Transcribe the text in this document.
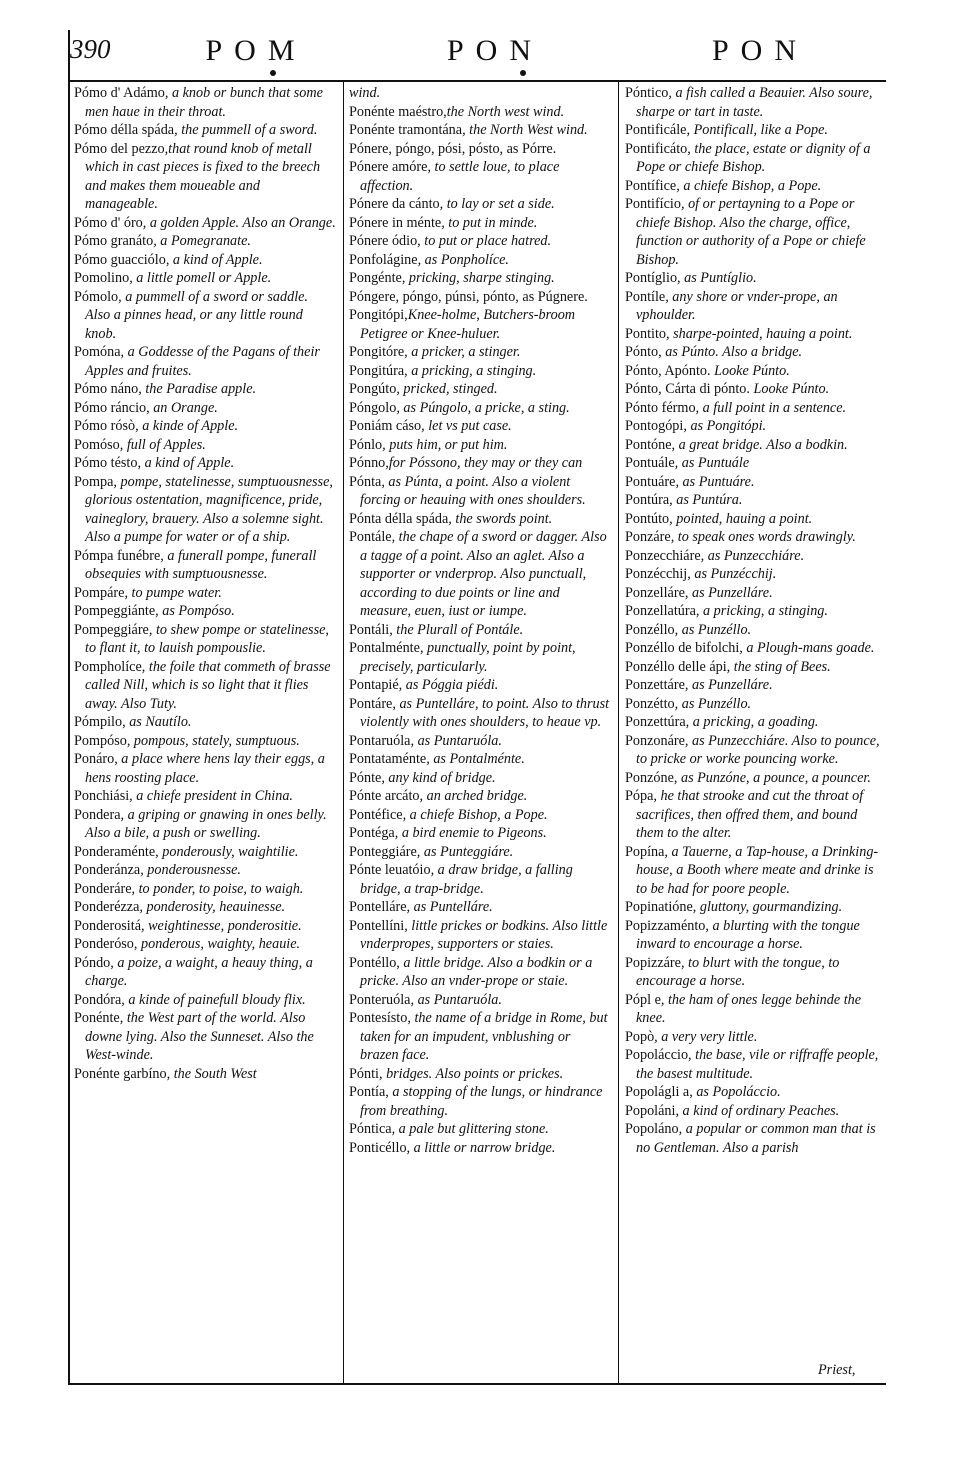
390	POM	PON	PON

Pómo d' Adámo, a knob or bunch that some men haue in their throat.

Pómo délla spáda, the pummell of a sword.

Pómo del pezzo,that round knob of metall which in cast pieces is fixed to the breech and makes them moueable and manageable.

Pómo d' óro, a golden Apple. Also an Orange.

Pómo granáto, a Pomegranate.

Pómo guacciólo, a kind of Apple.

Pomolino, a little pomell or Apple.

Pómolo, a pummell of a sword or saddle. Also a pinnes head, or any little round knob.

Pomóna, a Goddesse of the Pagans of their Apples and fruites.

Pómo náno, the Paradise apple.

Pómo ráncio, an Orange.

Pómo rósò, a kinde of Apple.

Pomóso, full of Apples.

Pómo tésto, a kind of Apple.

Pompa, pompe, statelinesse, sumptuousnesse, glorious ostentation, magnificence, pride, vaineglory, brauery. Also a solemne sight. Also a pumpe for water or of a ship.

Pómpa funébre, a funerall pompe, funerall obsequies with sumptuousnesse.

Pompáre, to pumpe water.

Pompeggiánte, as Pompóso.

Pompeggiáre, to shew pompe or statelinesse, to flant it, to lauish pompouslie.

Pompholíce, the foile that commeth of brasse called Nill, which is so light that it flies away. Also Tuty.

Pómpilo, as Nautílo.

Pompóso, pompous, stately, sumptuous.

Ponáro, a place where hens lay their eggs, a hens roosting place.

Ponchiási, a chiefe president in China.

Pondera, a griping or gnawing in ones belly. Also a bile, a push or swelling.

Ponderaménte, ponderously, waightilie.

Ponderánza, ponderousnesse.

Ponderáre, to ponder, to poise, to waigh.

Ponderézza, ponderosity, heauinesse.

Ponderositá, weightinesse, ponderositie.

Ponderóso, ponderous, waighty, heauie.

Póndo, a poize, a waight, a heauy thing, a charge.

Pondóra, a kinde of painefull bloudy flix.

Ponénte, the West part of the world. Also downe lying. Also the Sunneset. Also the West-winde.

Ponénte garbíno, the South West

wind.

Ponénte maéstro,the North west wind.

Ponénte tramontána, the North West wind.

Pónere, póngo, pósi, pósto, as Pórre.

Pónere amóre, to settle loue, to place affection.

Pónere da cánto, to lay or set a side.

Pónere in ménte, to put in minde.

Pónere ódio, to put or place hatred.

Ponfolágine, as Ponpholíce.

Pongénte, pricking, sharpe stinging.

Póngere, póngo, púnsi, pónto, as Púgnere.

Pongitópi,Knee-holme, Butchers-broom Petigree or Knee-huluer.

Pongitóre, a pricker, a stinger.

Pongitúra, a pricking, a stinging.

Pongúto, pricked, stinged.

Póngolo, as Púngolo, a pricke, a sting.

Poniám cáso, let vs put case.

Pónlo, puts him, or put him.

Pónno,for Póssono, they may or they can

Pónta, as Púnta, a point. Also a violent forcing or heauing with ones shoulders.

Pónta délla spáda, the swords point.

Pontále, the chape of a sword or dagger. Also a tagge of a point. Also an aglet. Also a supporter or vnderprop. Also punctuall, according to due points or line and measure, euen, iust or iumpe.

Pontáli, the Plurall of Pontále.

Pontalménte, punctually, point by point, precisely, particularly.

Pontapié, as Póggia piédi.

Pontáre, as Puntelláre, to point. Also to thrust violently with ones shoulders, to heaue vp.

Pontaruóla, as Puntaruóla.

Pontataménte, as Pontalménte.

Pónte, any kind of bridge.

Pónte arcáto, an arched bridge.

Pontéfice, a chiefe Bishop, a Pope.

Pontéga, a bird enemie to Pigeons.

Ponteggiáre, as Punteggiáre.

Pónte leuatóio, a draw bridge, a falling bridge, a trap-bridge.

Pontelláre, as Puntelláre.

Pontellíni, little prickes or bodkins. Also little vnderpropes, supporters or staies.

Pontéllo, a little bridge. Also a bodkin or a pricke. Also an vnder-prope or staie.

Ponteruóla, as Puntaruóla.

Pontesísto, the name of a bridge in Rome, but taken for an impudent, vnblushing or brazen face.

Pónti, bridges. Also points or prickes.

Pontía, a stopping of the lungs, or hindrance from breathing.

Póntica, a pale but glittering stone.

Ponticéllo, a little or narrow bridge.

Póntico, a fish called a Beauier. Also soure, sharpe or tart in taste.

Pontificále, Pontificall, like a Pope.

Pontificáto, the place, estate or dignity of a Pope or chiefe Bishop.

Pontífice, a chiefe Bishop, a Pope.

Pontifício, of or pertayning to a Pope or chiefe Bishop. Also the charge, office, function or authority of a Pope or chiefe Bishop.

Pontíglio, as Puntíglio.

Pontíle, any shore or vnder-prope, an vphoulder.

Pontito, sharpe-pointed, hauing a point.

Pónto, as Púnto. Also a bridge.

Pónto, Apónto. Looke Púnto.

Pónto, Cárta di pónto. Looke Púnto.

Pónto férmo, a full point in a sentence.

Pontogópi, as Pongitópi.

Pontóne, a great bridge. Also a bodkin.

Pontuále, as Puntuále

Pontuáre, as Puntuáre.

Pontúra, as Puntúra.

Pontúto, pointed, hauing a point.

Ponzáre, to speak ones words drawingly.

Ponzecchiáre, as Punzecchiáre.

Ponzécchij, as Punzécchij.

Ponzelláre, as Punzelláre.

Ponzellatúra, a pricking, a stinging.

Ponzéllo, as Punzéllo.

Ponzéllo de bifolchi, a Plough-mans goade.

Ponzéllo delle ápi, the sting of Bees.

Ponzettáre, as Punzelláre.

Ponzétto, as Punzéllo.

Ponzettúra, a pricking, a goading.

Ponzonáre, as Punzecchiáre. Also to pounce, to pricke or worke pouncing worke.

Ponzóne, as Punzóne, a pounce, a pouncer.

Pópa, he that strooke and cut the throat of sacrifices, then offred them, and bound them to the alter.

Popína, a Tauerne, a Tap-house, a Drinking-house, a Booth where meate and drinke is to be had for poore people.

Popinatióne, gluttony, gourmandizing.

Popizzaménto, a blurting with the tongue inward to encourage a horse.

Popizzáre, to blurt with the tongue, to encourage a horse.

Pópl e, the ham of ones legge behinde the knee.

Popò, a very very little.

Popoláccio, the base, vile or riffraffe people, the basest multitude.

Popolágli a, as Popoláccio.

Popoláni, a kind of ordinary Peaches.

Popoláno, a popular or common man that is no Gentleman. Also a parish

Priest,
